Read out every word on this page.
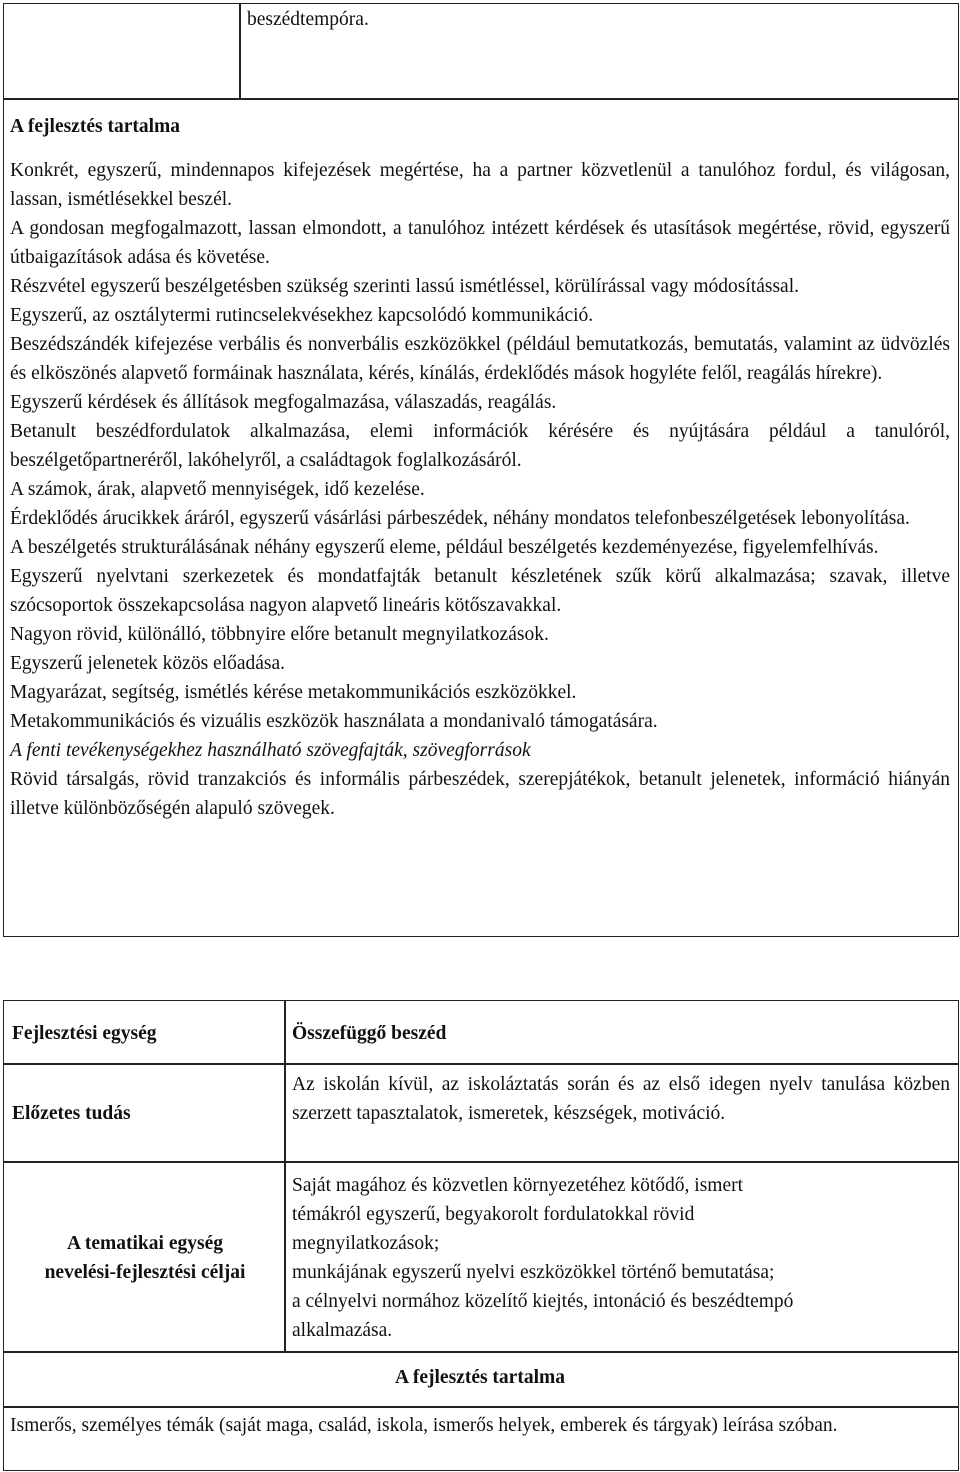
beszédtempóra.
A fejlesztés tartalma

Konkrét, egyszerű, mindennapos kifejezések megértése, ha a partner közvetlenül a tanulóhoz fordul, és világosan, lassan, ismétlésekkel beszél.

A gondosan megfogalmazott, lassan elmondott, a tanulóhoz intézett kérdések és utasítások megértése, rövid, egyszerű útbaigazítások adása és követése.

Részvétel egyszerű beszélgetésben szükség szerinti lassú ismétléssel, körülírással vagy módosítással.

Egyszerű, az osztálytermi rutincselekvésekhez kapcsolódó kommunikáció.

Beszédszándék kifejezése verbális és nonverbális eszközökkel (például bemutatkozás, bemutatás, valamint az üdvözlés és elköszönés alapvető formáinak használata, kérés, kínálás, érdeklődés mások hogyléte felől, reagálás hírekre).

Egyszerű kérdések és állítások megfogalmazása, válaszadás, reagálás.

Betanult beszédfordulatok alkalmazása, elemi információk kérésére és nyújtására például a tanulóról, beszélgetőpartneréről, lakóhelyről, a családtagok foglalkozásáról.

A számok, árak, alapvető mennyiségek, idő kezelése.

Érdeklődés árucikkek áráról, egyszerű vásárlási párbeszédek, néhány mondatos telefonbeszélgetések lebonyolítása.

A beszélgetés strukturálásának néhány egyszerű eleme, például beszélgetés kezdeményezése, figyelemfelhívás.

Egyszerű nyelvtani szerkezetek és mondatfajták betanult készletének szűk körű alkalmazása; szavak, illetve szócsoportok összekapcsolása nagyon alapvető lineáris kötőszavakkal.

Nagyon rövid, különálló, többnyire előre betanult megnyilatkozások.

Egyszerű jelenetek közös előadása.

Magyarázat, segítség, ismétlés kérése metakommunikációs eszközökkel.

Metakommunikációs és vizuális eszközök használata a mondanivaló támogatására.

A fenti tevékenységekhez használható szövegfajták, szövegforrások

Rövid társalgás, rövid tranzakciós és informális párbeszédek, szerepjátékok, betanult jelenetek, információ hiányán illetve különbözőségén alapuló szövegek.

Fejlesztési egység	Összefüggő beszéd
Előzetes tudás

Az iskolán kívül, az iskoláztatás során és az első idegen nyelv tanulása közben szerzett tapasztalatok, ismeretek, készségek, motiváció.

A tematikai egység
nevelési-fejlesztési céljai
Saját magához és közvetlen környezetéhez kötődő, ismert
témákról egyszerű, begyakorolt fordulatokkal rövid
megnyilatkozások;
munkájának egyszerű nyelvi eszközökkel történő bemutatása;
a célnyelvi normához közelítő kiejtés, intonáció és beszédtempó
alkalmazása.
A fejlesztés tartalma

Ismerős, személyes témák (saját maga, család, iskola, ismerős helyek, emberek és tárgyak) leírása szóban.
